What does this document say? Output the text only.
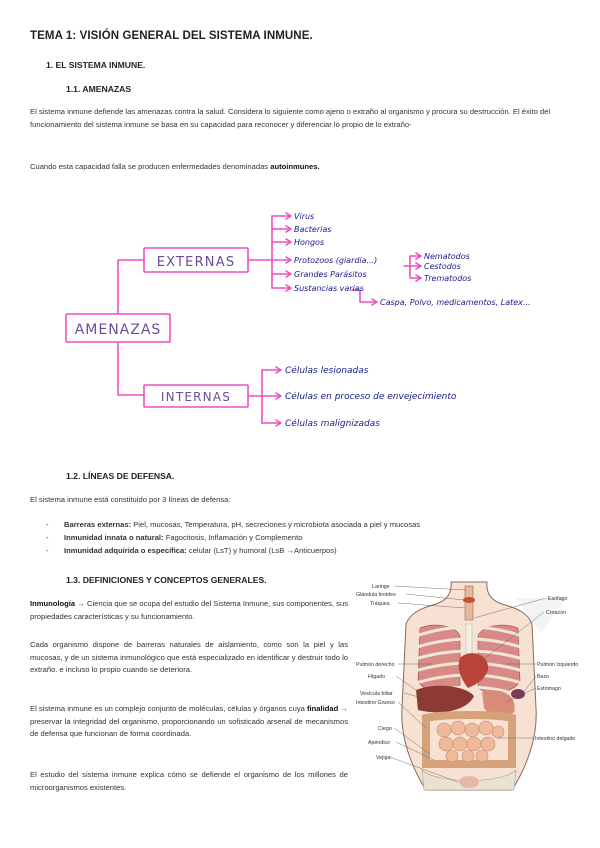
TEMA 1: VISIÓN GENERAL DEL SISTEMA INMUNE.
1. EL SISTEMA INMUNE.
1.1. AMENAZAS
El sistema inmune defiende las amenazas contra la salud. Considera lo siguiente como ajeno o extraño al organismo y procura su destrucción. El éxito del funcionamiento del sistema inmune se basa en su capacidad para reconocer y diferenciar lo propio de lo extraño-
Cuando esta capacidad falla se producen enfermedades denominadas autoinmunes.
AMENAZAS
EXTERNAS
INTERNAS
Virus
Bacterias
Hongos
Protozoos (giardia...)
Grandes Parásitos
Sustancias varias
Nematodos
Cestodos
Trematodos
Caspa, Polvo, medicamentos, Latex...
Células lesionadas
Células en proceso de envejecimiento
Células malignizadas
1.2. LÍNEAS DE DEFENSA.
El sistema inmune está constituido por 3 líneas de defensa:
- Barreras externas: Piel, mucosas, Temperatura, pH, secreciones y microbiota asociada a piel y mucosas
- Inmunidad innata o natural: Fagocitosis, Inflamación y Complemento
- Inmunidad adquirida o específica: celular (LsT) y humoral (LsB →Anticuerpos)
1.3. DEFINICIONES Y CONCEPTOS GENERALES.
Inmunología → Ciencia que se ocupa del estudio del Sistema Inmune, sus componentes, sus propiedades características y su funcionamiento.
Cada organismo dispone de barreras naturales de aislamiento, como son la piel y las mucosas, y de un sistema inmunológico que está especializado en identificar y destruir todo lo extraño. e incluso lo propio cuando se deteriora.
El sistema inmune es un complejo conjunto de moléculas, células y órganos cuya finalidad → preservar la integridad del organismo, proporcionando un sofisticado arsenal de mecanismos de defensa que funcionan de forma coordinada.
El estudio del sistema inmune explica cómo se defiende el organismo de los millones de microorganismos existentes.
Laringe
Glándula tiroides
Tráquea
Pulmón derecho
Hígado
Vesícula biliar
Intestino Grueso
Ciego
Apéndice
Vejiga
Esófago
Corazón
Pulmón Izquierdo
Bazo
Estómago
Intestino delgado
